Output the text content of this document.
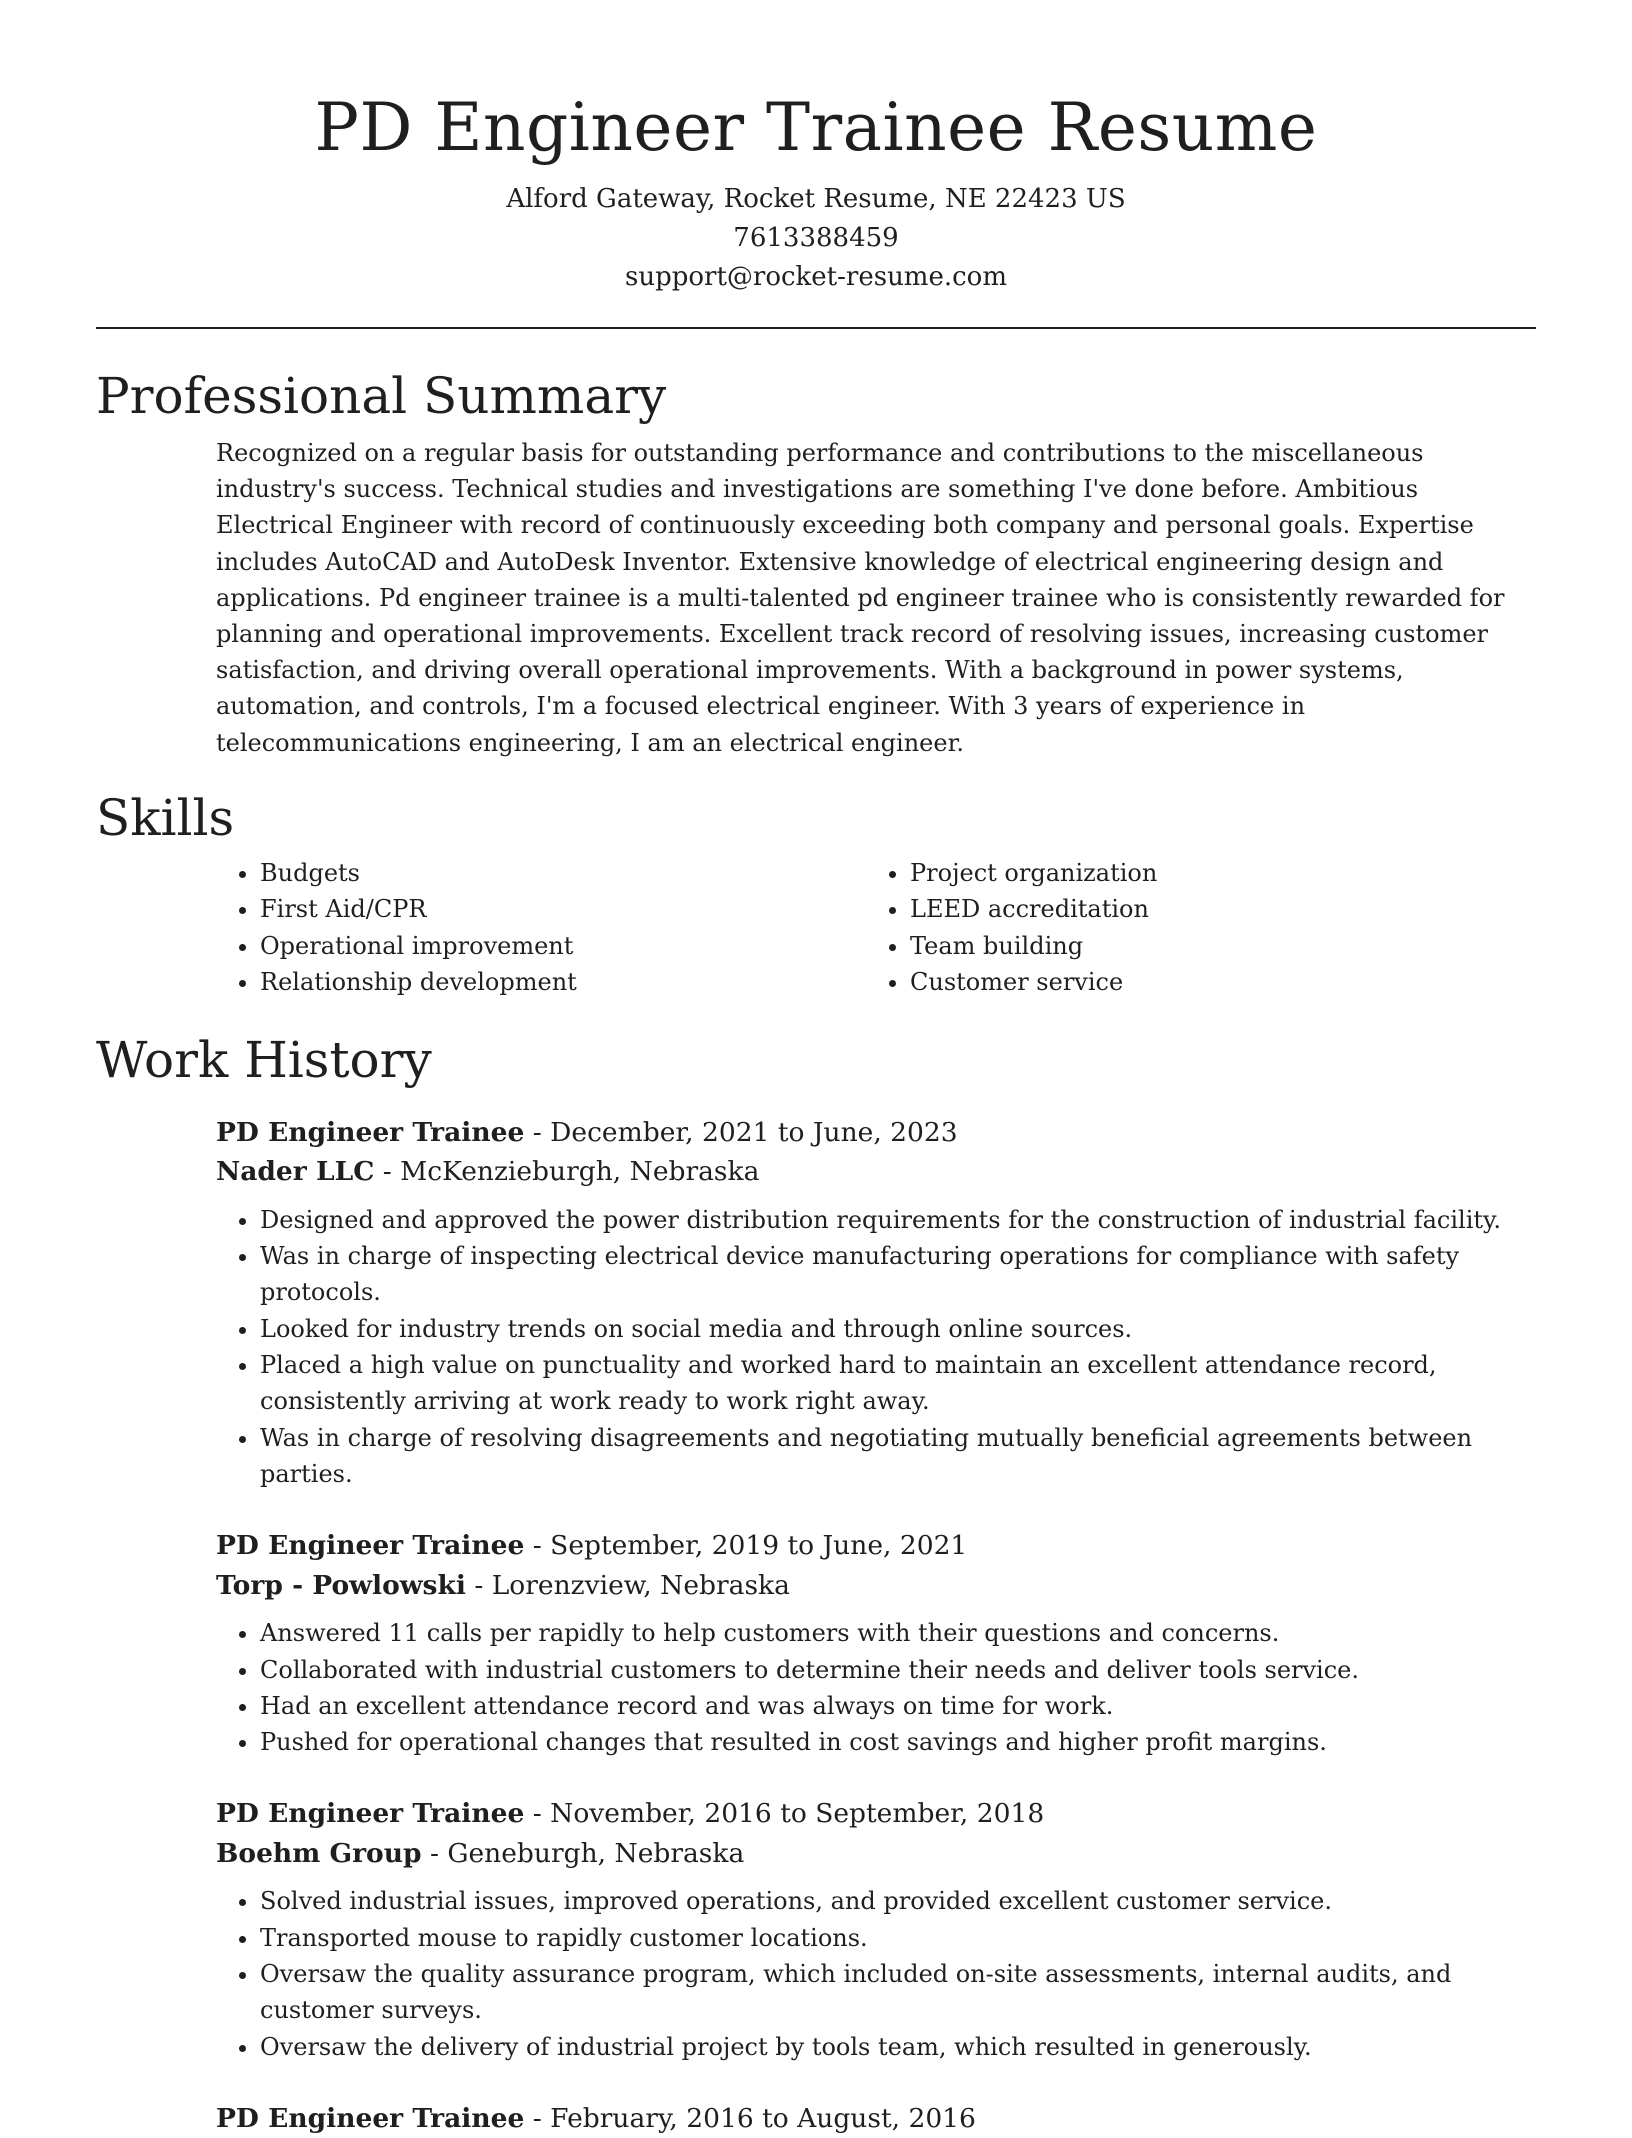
PD Engineer Trainee Resume
Alford Gateway, Rocket Resume, NE 22423 US
7613388459
support@rocket-resume.com
Professional Summary

Recognized on a regular basis for outstanding performance and contributions to the miscellaneous industry's success. Technical studies and investigations are something I've done before. Ambitious Electrical Engineer with record of continuously exceeding both company and personal goals. Expertise includes AutoCAD and AutoDesk Inventor. Extensive knowledge of electrical engineering design and applications. Pd engineer trainee is a multi-talented pd engineer trainee who is consistently rewarded for planning and operational improvements. Excellent track record of resolving issues, increasing customer satisfaction, and driving overall operational improvements. With a background in power systems, automation, and controls, I'm a focused electrical engineer. With 3 years of experience in telecommunications engineering, I am an electrical engineer.

Skills
• Budgets	• Project organization
• First Aid/CPR	• LEED accreditation
• Operational improvement	• Team building
• Relationship development	• Customer service
Work History
PD Engineer Trainee - December, 2021 to June, 2023
Nader LLC - McKenzieburgh, Nebraska
• Designed and approved the power distribution requirements for the construction of industrial facility.
• Was in charge of inspecting electrical device manufacturing operations for compliance with safety protocols.
• Looked for industry trends on social media and through online sources.
• Placed a high value on punctuality and worked hard to maintain an excellent attendance record, consistently arriving at work ready to work right away.
• Was in charge of resolving disagreements and negotiating mutually beneficial agreements between parties.
PD Engineer Trainee - September, 2019 to June, 2021
Torp - Powlowski - Lorenzview, Nebraska
• Answered 11 calls per rapidly to help customers with their questions and concerns.
• Collaborated with industrial customers to determine their needs and deliver tools service.
• Had an excellent attendance record and was always on time for work.
• Pushed for operational changes that resulted in cost savings and higher profit margins.
PD Engineer Trainee - November, 2016 to September, 2018
Boehm Group - Geneburgh, Nebraska
• Solved industrial issues, improved operations, and provided excellent customer service.
• Transported mouse to rapidly customer locations.
• Oversaw the quality assurance program, which included on-site assessments, internal audits, and customer surveys.
• Oversaw the delivery of industrial project by tools team, which resulted in generously.
PD Engineer Trainee - February, 2016 to August, 2016
